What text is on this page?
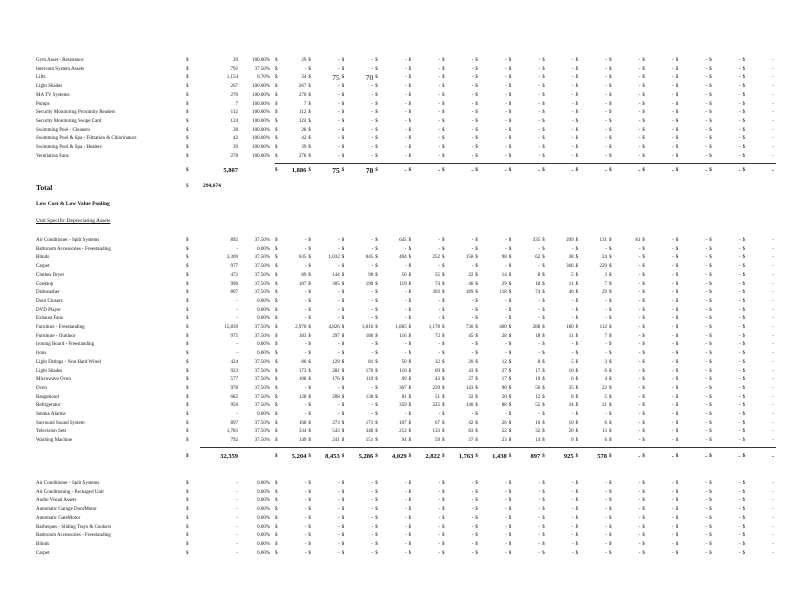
Gym Asset - Resistance	$	29	100.00% $	29 $	- $	- $	- $	- $	- $	- $	- $	- $	- $	- $	- $	- $	- $	-
Intercom System Assets	$	792	37.50% $	- $	- $	- $	- $	- $	- $	- $	- $	- $	- $	- $	- $	- $	- $	-
Lifts	$	1,154	6.70% $	34 $	75 $	70 $	- $	- $	- $	- $	- $	- $	- $	- $	- $	- $	- $	-
Light Shades	$	267	100.00% $	267 $	- $	- $	- $	- $	- $	- $	- $	- $	- $	- $	- $	- $	- $	-
MA TV Systems	$	270	100.00% $	270 $	- $	- $	- $	- $	- $	- $	- $	- $	- $	- $	- $	- $	- $	-
Pumps	$	7	100.00% $	7 $	- $	- $	- $	- $	- $	- $	- $	- $	- $	- $	- $	- $	- $	-
Security Monitoring Proximity Readers	$	112	100.00% $	112 $	- $	- $	- $	- $	- $	- $	- $	- $	- $	- $	- $	- $	- $	-
Security Monitoring Swipe Card	$	124	100.00% $	124 $	- $	- $	- $	- $	- $	- $	- $	- $	- $	- $	- $	- $	- $	-
Swimming Pool - Cleaners	$	28	100.00% $	28 $	- $	- $	- $	- $	- $	- $	- $	- $	- $	- $	- $	- $	- $	-
Swimming Pool & Spa - Filtration & Chlorinators	$	42	100.00% $	42 $	- $	- $	- $	- $	- $	- $	- $	- $	- $	- $	- $	- $	- $	-
Swimming Pool & Spa - Heaters	$	39	100.00% $	39 $	- $	- $	- $	- $	- $	- $	- $	- $	- $	- $	- $	- $	- $	-
Ventilation Fans	$	278	100.00% $	278 $	- $	- $	- $	- $	- $	- $	- $	- $	- $	- $	- $	- $	- $	-
$	5,807	$	1,886 $	75 $	70 $	- $	- $	- $	- $	- $	- $	- $	- $	- $	- $	- $	-
Total	$	294,674
Low Cost & Low Value Pooling
Unit Specific Depreciating Assets
Air Conditioner - Split Systems	$	892	37.50% $	- $	- $	- $	645 $	- $	- $	- $	335 $	209 $	131 $	81 $	- $	- $	- $	-
Bathroom Accessories - Freestanding	$	-	0.00% $	- $	- $	- $	- $	- $	- $	- $	- $	- $	- $	- $	- $	- $	- $	-
Blinds	$	3,369	37.50% $	635 $	1,032 $	645 $	404 $	252 $	158 $	98 $	62 $	38 $	24 $	- $	- $	- $	- $	-
Carpet	$	977	37.50% $	- $	- $	- $	- $	- $	- $	- $	- $	366 $	229 $	- $	- $	- $	- $	-
Clothes Dryer	$	472	37.50% $	89 $	144 $	90 $	56 $	35 $	22 $	14 $	8 $	5 $	3 $	- $	- $	- $	- $	-
Cooktop	$	996	37.50% $	187 $	305 $	190 $	119 $	74 $	46 $	29 $	18 $	11 $	7 $	- $	- $	- $	- $	-
Dishwasher	$	807	37.50% $	- $	- $	- $	- $	303 $	189 $	118 $	74 $	46 $	29 $	- $	- $	- $	- $	-
Door Closers	$	-	0.00% $	- $	- $	- $	- $	- $	- $	- $	- $	- $	- $	- $	- $	- $	- $	-
DVD Player	$	-	0.00% $	- $	- $	- $	- $	- $	- $	- $	- $	- $	- $	- $	- $	- $	- $	-
Exhaust Fans	$	-	0.00% $	- $	- $	- $	- $	- $	- $	- $	- $	- $	- $	- $	- $	- $	- $	-
Furniture - Freestanding	$	15,839	37.50% $	2,970 $	4,826 $	3,016 $	1,885 $	1,178 $	736 $	460 $	288 $	180 $	112 $	- $	- $	- $	- $	-
Furniture - Outdoor	$	975	37.50% $	183 $	297 $	186 $	116 $	72 $	45 $	28 $	18 $	11 $	7 $	- $	- $	- $	- $	-
Ironing Board - Freestanding	$	-	0.00% $	- $	- $	- $	- $	- $	- $	- $	- $	- $	- $	- $	- $	- $	- $	-
Irons	$	-	0.00% $	- $	- $	- $	- $	- $	- $	- $	- $	- $	- $	- $	- $	- $	- $	-
Light Fittings - Non Hard Wired	$	424	37.50% $	80 $	129 $	81 $	50 $	32 $	20 $	12 $	8 $	5 $	3 $	- $	- $	- $	- $	-
Light Shades	$	923	37.50% $	173 $	281 $	176 $	110 $	69 $	43 $	27 $	17 $	10 $	6 $	- $	- $	- $	- $	-
Microwave Oven	$	577	37.50% $	108 $	176 $	110 $	69 $	43 $	27 $	17 $	10 $	6 $	4 $	- $	- $	- $	- $	-
Oven	$	978	37.50% $	- $	- $	- $	367 $	229 $	143 $	90 $	56 $	35 $	22 $	- $	- $	- $	- $	-
Rangehood	$	682	37.50% $	128 $	208 $	130 $	81 $	51 $	32 $	20 $	12 $	8 $	5 $	- $	- $	- $	- $	-
Refrigerator	$	956	37.50% $	- $	- $	- $	359 $	225 $	140 $	88 $	55 $	34 $	21 $	- $	- $	- $	- $	-
Smoke Alarms	$	-	0.00% $	- $	- $	- $	- $	- $	- $	- $	- $	- $	- $	- $	- $	- $	- $	-
Surround Sound System	$	897	37.50% $	168 $	273 $	171 $	107 $	67 $	42 $	26 $	16 $	10 $	6 $	- $	- $	- $	- $	-
Television Sets	$	1,783	37.50% $	334 $	543 $	340 $	212 $	133 $	83 $	52 $	32 $	20 $	13 $	- $	- $	- $	- $	-
Washing Machine	$	792	37.50% $	149 $	241 $	151 $	94 $	59 $	37 $	23 $	14 $	9 $	6 $	- $	- $	- $	- $	-
$	32,359	$	5,204 $	8,453 $	5,286 $	4,029 $	2,822 $	1,763 $	1,438 $	897 $	925 $	578 $	- $	- $	- $	- $	-
Air Conditioner - Split Systems	$	-	0.00% $	- $	- $	- $	- $	- $	- $	- $	- $	- $	- $	- $	- $	- $	- $	-
Air Conditioning - Packaged Unit	$	-	0.00% $	- $	- $	- $	- $	- $	- $	- $	- $	- $	- $	- $	- $	- $	- $	-
Audio Visual Assets	$	-	0.00% $	- $	- $	- $	- $	- $	- $	- $	- $	- $	- $	- $	- $	- $	- $	-
Automatic Garage DoorMotor	$	-	0.00% $	- $	- $	- $	- $	- $	- $	- $	- $	- $	- $	- $	- $	- $	- $	-
Automatic GateMotor	$	-	0.00% $	- $	- $	- $	- $	- $	- $	- $	- $	- $	- $	- $	- $	- $	- $	-
Barbeques - Sliding Trays & Cookers	$	-	0.00% $	- $	- $	- $	- $	- $	- $	- $	- $	- $	- $	- $	- $	- $	- $	-
Bathroom Accessories - Freestanding	$	-	0.00% $	- $	- $	- $	- $	- $	- $	- $	- $	- $	- $	- $	- $	- $	- $	-
Blinds	$	-	0.00% $	- $	- $	- $	- $	- $	- $	- $	- $	- $	- $	- $	- $	- $	- $	-
Carpet	$	-	0.00% $	- $	- $	- $	- $	- $	- $	- $	- $	- $	- $	- $	- $	- $	- $	-
